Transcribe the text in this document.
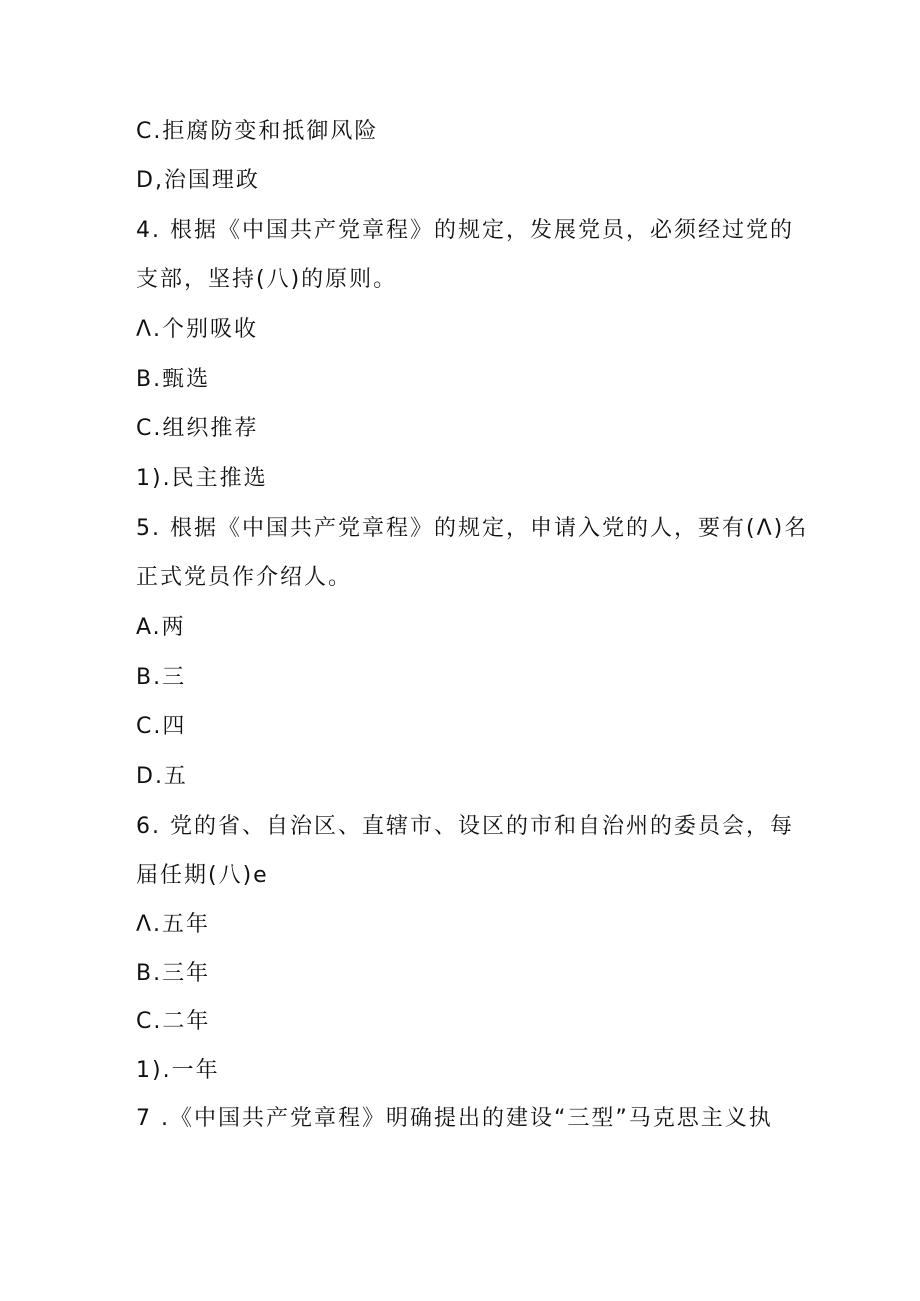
C.拒腐防变和抵御风险
D,治国理政
4. 根据《中国共产党章程》的规定，发展党员，必须经过党的
支部，坚持(八)的原则。
Λ.个别吸收
B.甄选
C.组织推荐
1).民主推选
5. 根据《中国共产党章程》的规定，申请入党的人，要有(Λ)名
正式党员作介绍人。
A.两
B.三
C.四
D.五
6. 党的省、自治区、直辖市、设区的市和自治州的委员会，每
届任期(八)e
Λ.五年
B.三年
C.二年
1).一年
7 .《中国共产党章程》明确提出的建设“三型”马克思主义执
